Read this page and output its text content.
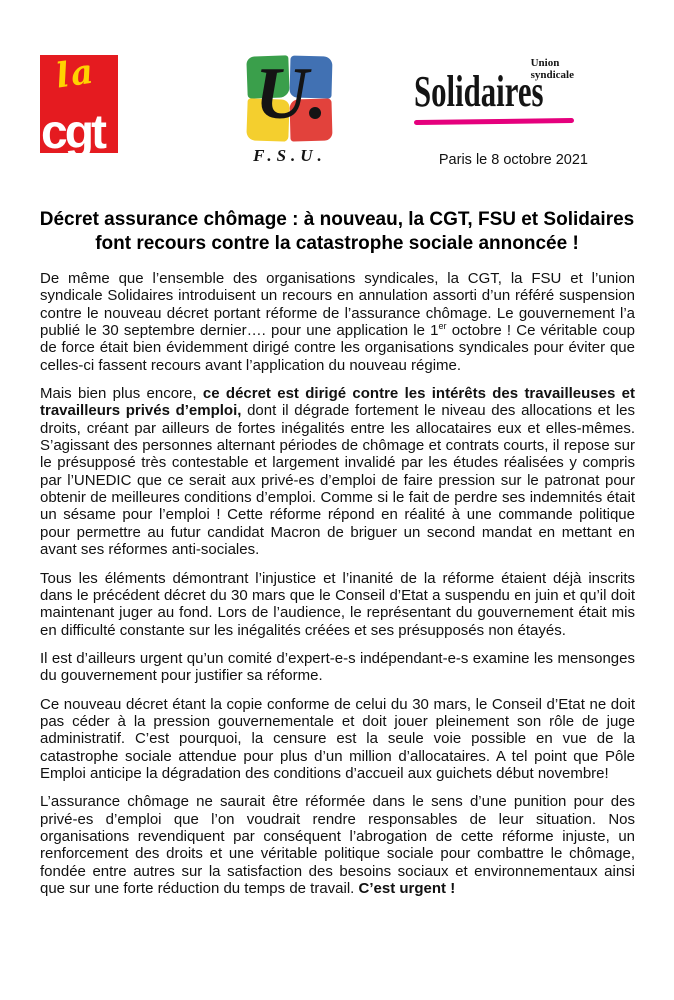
la
cgt U.
F.S.U.
Union
syndicale
Solidaires
Paris le 8 octobre 2021
Décret assurance chômage : à nouveau, la CGT, FSU et Solidaires
font recours contre la catastrophe sociale annoncée !

De même que l’ensemble des organisations syndicales, la CGT, la FSU et l’union syndicale Solidaires introduisent un recours en annulation assorti d’un référé suspension contre le nouveau décret portant réforme de l’assurance chômage. Le gouvernement l’a publié le 30 septembre dernier…. pour une application le 1er octobre ! Ce véritable coup de force était bien évidemment dirigé contre les organisations syndicales pour éviter que celles-ci fassent recours avant l’application du nouveau régime.

Mais bien plus encore, ce décret est dirigé contre les intérêts des travailleuses et travailleurs privés d’emploi, dont il dégrade fortement le niveau des allocations et les droits, créant par ailleurs de fortes inégalités entre les allocataires eux et elles-mêmes. S’agissant des personnes alternant périodes de chômage et contrats courts, il repose sur le présupposé très contestable et largement invalidé par les études réalisées y compris par l’UNEDIC que ce serait aux privé-es d’emploi de faire pression sur le patronat pour obtenir de meilleures conditions d’emploi. Comme si le fait de perdre ses indemnités était un sésame pour l’emploi ! Cette réforme répond en réalité à une commande politique pour permettre au futur candidat Macron de briguer un second mandat en mettant en avant ses réformes anti-sociales.

Tous les éléments démontrant l’injustice et l’inanité de la réforme étaient déjà inscrits dans le précédent décret du 30 mars que le Conseil d’Etat a suspendu en juin et qu’il doit maintenant juger au fond. Lors de l’audience, le représentant du gouvernement était mis en difficulté constante sur les inégalités créées et ses présupposés non étayés.

Il est d’ailleurs urgent qu’un comité d’expert-e-s indépendant-e-s examine les mensonges du gouvernement pour justifier sa réforme.

Ce nouveau décret étant la copie conforme de celui du 30 mars, le Conseil d’Etat ne doit pas céder à la pression gouvernementale et doit jouer pleinement son rôle de juge administratif. C’est pourquoi, la censure est la seule voie possible en vue de la catastrophe sociale attendue pour plus d’un million d’allocataires. A tel point que Pôle Emploi anticipe la dégradation des conditions d’accueil aux guichets début novembre!

L’assurance chômage ne saurait être réformée dans le sens d’une punition pour des privé-es d’emploi que l’on voudrait rendre responsables de leur situation. Nos organisations revendiquent par conséquent l’abrogation de cette réforme injuste, un renforcement des droits et une véritable politique sociale pour combattre le chômage, fondée entre autres sur la satisfaction des besoins sociaux et environnementaux ainsi que sur une forte réduction du temps de travail. C’est urgent !
